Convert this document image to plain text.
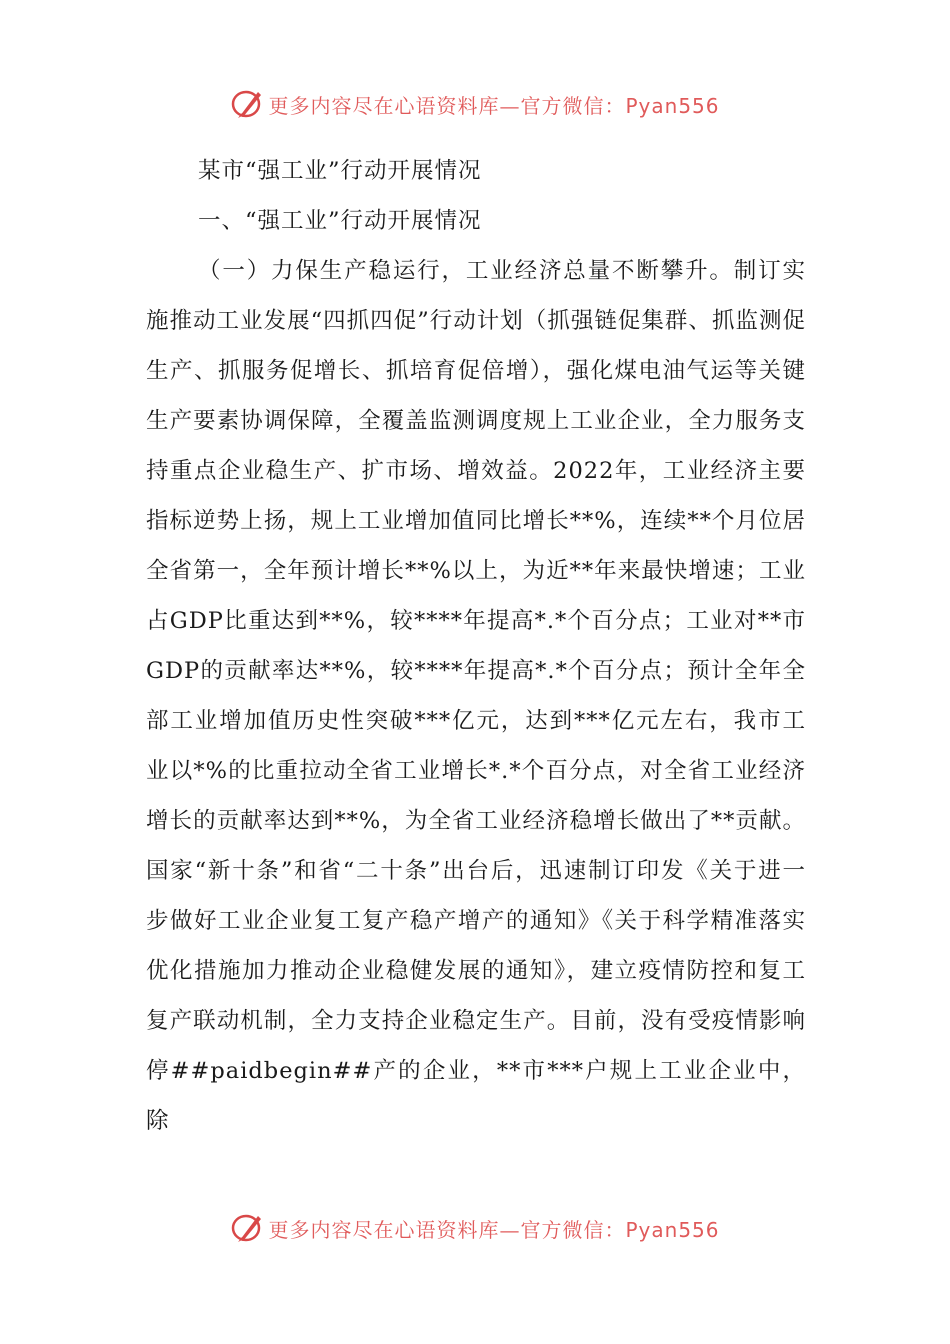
更多内容尽在心语资料库—官方微信：Pyan556
某市“强工业”行动开展情况
一、“强工业”行动开展情况

（一）力保生产稳运行，工业经济总量不断攀升。制订实施推动工业发展“四抓四促”行动计划（抓强链促集群、抓监测促生产、抓服务促增长、抓培育促倍增），强化煤电油气运等关键生产要素协调保障，全覆盖监测调度规上工业企业，全力服务支持重点企业稳生产、扩市场、增效益。2022年，工业经济主要指标逆势上扬，规上工业增加值同比增长**%，连续**个月位居全省第一，全年预计增长**%以上，为近**年来最快增速；工业占GDP比重达到**%，较****年提高*.*个百分点；工业对**市GDP的贡献率达**%，较****年提高*.*个百分点；预计全年全部工业增加值历史性突破***亿元，达到***亿元左右，我市工业以*%的比重拉动全省工业增长*.*个百分点，对全省工业经济增长的贡献率达到**%，为全省工业经济稳增长做出了**贡献。国家“新十条”和省“二十条”出台后，迅速制订印发《关于进一步做好工业企业复工复产稳产增产的通知》《关于科学精准落实优化措施加力推动企业稳健发展的通知》，建立疫情防控和复工复产联动机制，全力支持企业稳定生产。目前，没有受疫情影响停##paidbegin##产的企业，**市***户规上工业企业中，除

更多内容尽在心语资料库—官方微信：Pyan556
